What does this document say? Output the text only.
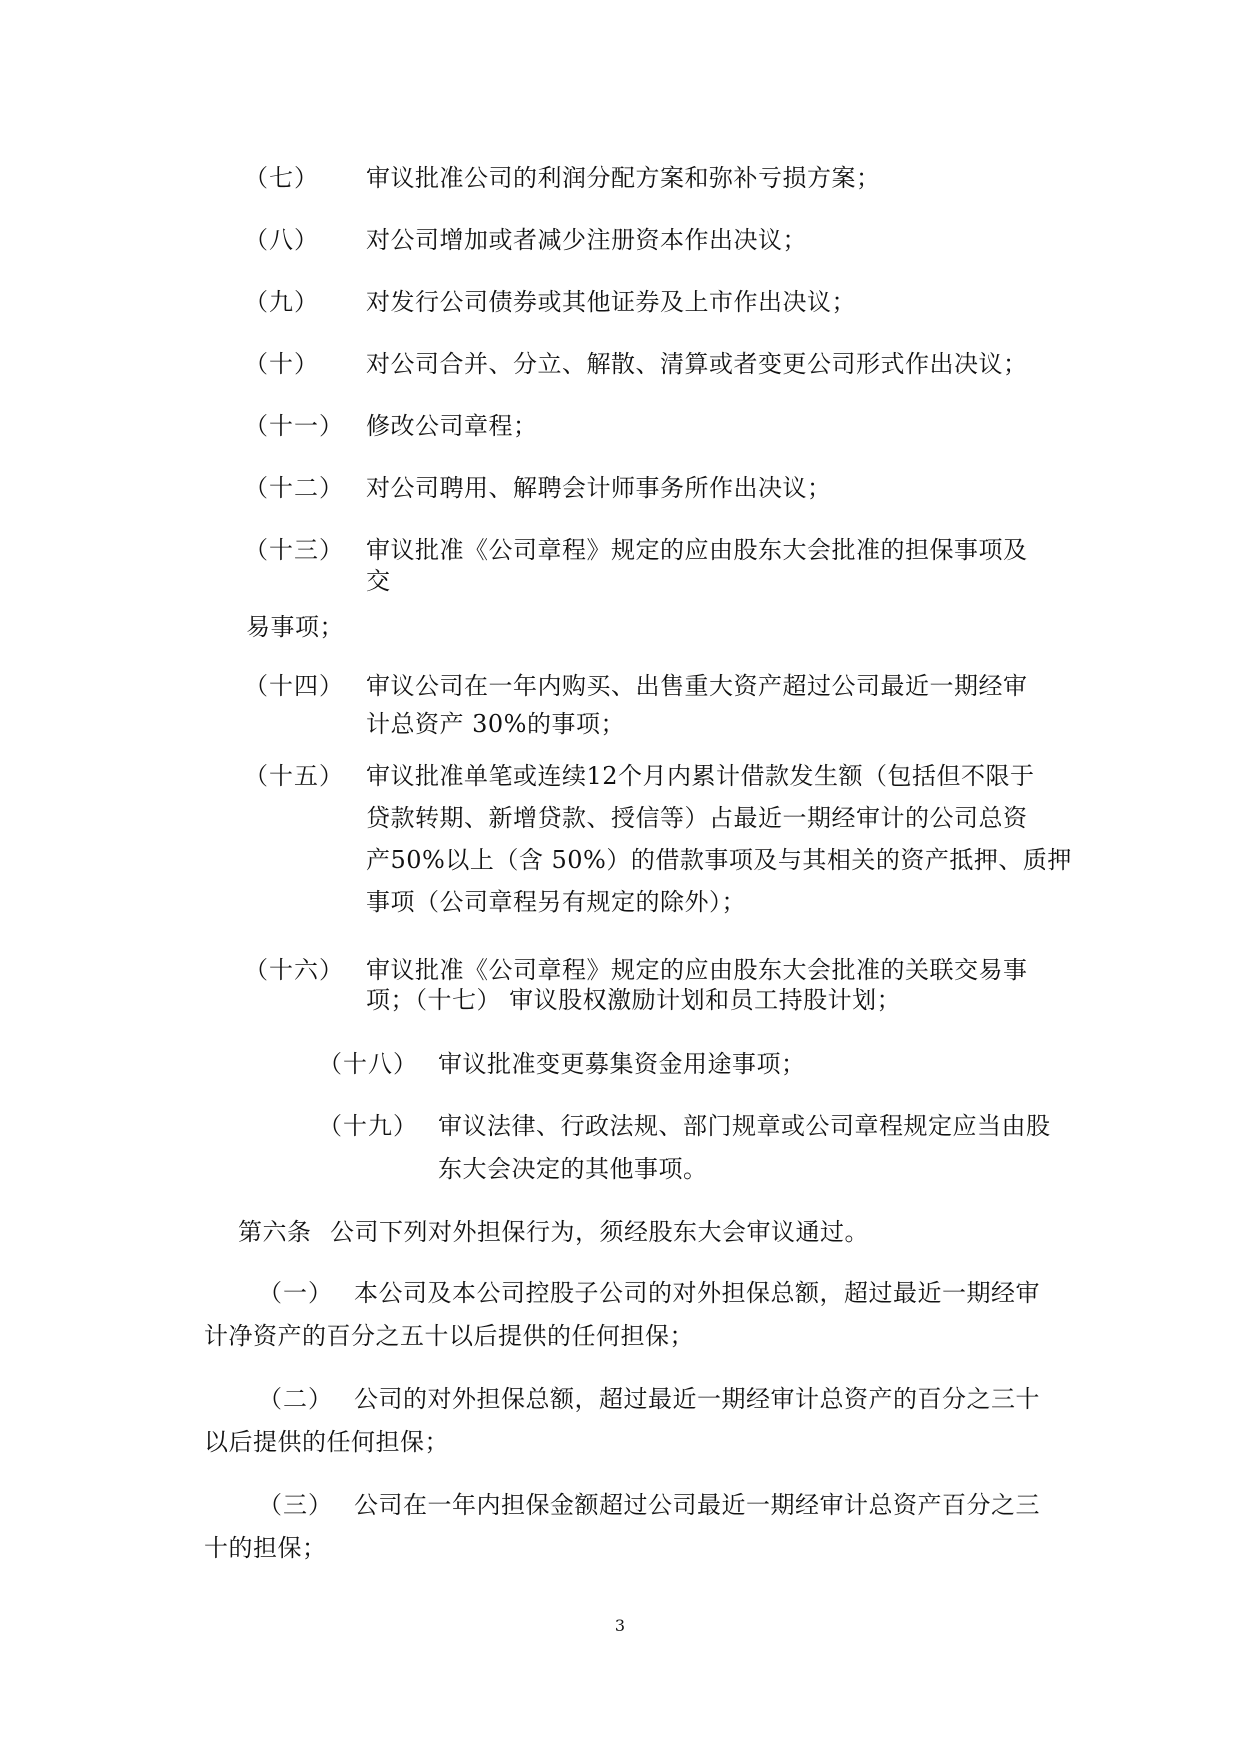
（七） 审议批准公司的利润分配方案和弥补亏损方案；
（八） 对公司增加或者减少注册资本作出决议；
（九） 对发行公司债券或其他证券及上市作出决议；
（十） 对公司合并、分立、解散、清算或者变更公司形式作出决议；
（十一） 修改公司章程；
（十二） 对公司聘用、解聘会计师事务所作出决议；
（十三） 审议批准《公司章程》规定的应由股东大会批准的担保事项及
交
易事项；
（十四） 审议公司在一年内购买、出售重大资产超过公司最近一期经审
计总资产 30%的事项；
（十五） 审议批准单笔或连续12个月内累计借款发生额（包括但不限于
贷款转期、新增贷款、授信等）占最近一期经审计的公司总资
产50%以上（含 50%）的借款事项及与其相关的资产抵押、质押
事项（公司章程另有规定的除外）；
（十六） 审议批准《公司章程》规定的应由股东大会批准的关联交易事
项；（十七） 审议股权激励计划和员工持股计划；
（十八） 审议批准变更募集资金用途事项；
（十九） 审议法律、行政法规、部门规章或公司章程规定应当由股
东大会决定的其他事项。
第六条 公司下列对外担保行为，须经股东大会审议通过。
（一） 本公司及本公司控股子公司的对外担保总额，超过最近一期经审
计净资产的百分之五十以后提供的任何担保；
（二） 公司的对外担保总额，超过最近一期经审计总资产的百分之三十
以后提供的任何担保；
（三） 公司在一年内担保金额超过公司最近一期经审计总资产百分之三
十的担保；
3
